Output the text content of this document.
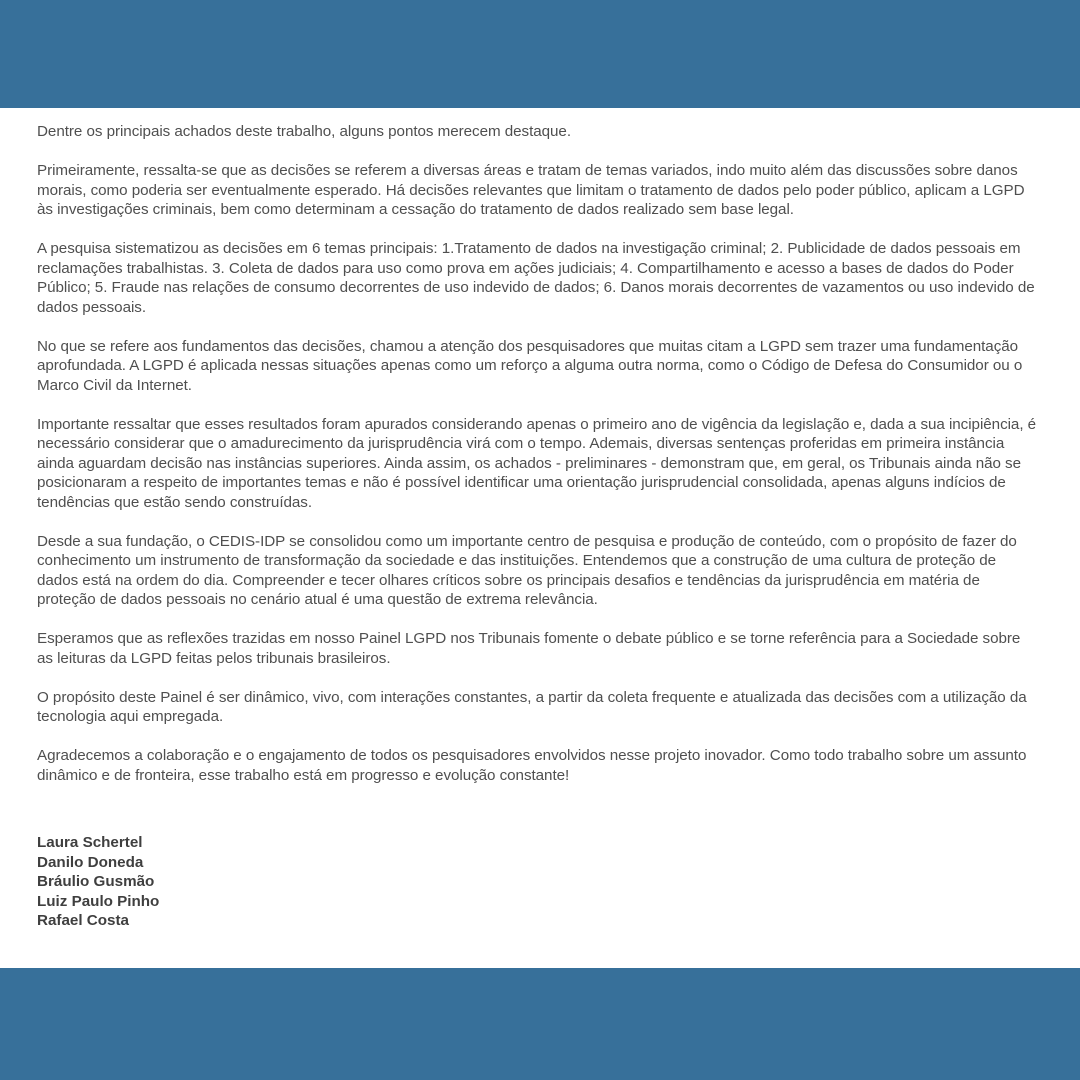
Dentre os principais achados deste trabalho, alguns pontos merecem destaque.

Primeiramente, ressalta-se que as decisões se referem a diversas áreas e tratam de temas variados, indo muito além das discussões sobre danos morais, como poderia ser eventualmente esperado. Há decisões relevantes que limitam o tratamento de dados pelo poder público, aplicam a LGPD às investigações criminais, bem como determinam a cessação do tratamento de dados realizado sem base legal.

A pesquisa sistematizou as decisões em 6 temas principais: 1.Tratamento de dados na investigação criminal; 2. Publicidade de dados pessoais em reclamações trabalhistas. 3. Coleta de dados para uso como prova em ações judiciais; 4. Compartilhamento e acesso a bases de dados do Poder Público; 5. Fraude nas relações de consumo decorrentes de uso indevido de dados; 6. Danos morais decorrentes de vazamentos ou uso indevido de dados pessoais.

No que se refere aos fundamentos das decisões, chamou a atenção dos pesquisadores que muitas citam a LGPD sem trazer uma fundamentação aprofundada. A LGPD é aplicada nessas situações apenas como um reforço a alguma outra norma, como o Código de Defesa do Consumidor ou o Marco Civil da Internet.

Importante ressaltar que esses resultados foram apurados considerando apenas o primeiro ano de vigência da legislação e, dada a sua incipiência, é necessário considerar que o amadurecimento da jurisprudência virá com o tempo. Ademais, diversas sentenças proferidas em primeira instância ainda aguardam decisão nas instâncias superiores. Ainda assim, os achados - preliminares - demonstram que, em geral, os Tribunais ainda não se posicionaram a respeito de importantes temas e não é possível identificar uma orientação jurisprudencial consolidada, apenas alguns indícios de tendências que estão sendo construídas.

Desde a sua fundação, o CEDIS-IDP se consolidou como um importante centro de pesquisa e produção de conteúdo, com o propósito de fazer do conhecimento um instrumento de transformação da sociedade e das instituições. Entendemos que a construção de uma cultura de proteção de dados está na ordem do dia. Compreender e tecer olhares críticos sobre os principais desafios e tendências da jurisprudência em matéria de proteção de dados pessoais no cenário atual é uma questão de extrema relevância.

Esperamos que as reflexões trazidas em nosso Painel LGPD nos Tribunais fomente o debate público e se torne referência para a Sociedade sobre as leituras da LGPD feitas pelos tribunais brasileiros.

O propósito deste Painel é ser dinâmico, vivo, com interações constantes, a partir da coleta frequente e atualizada das decisões com a utilização da tecnologia aqui empregada.

Agradecemos a colaboração e o engajamento de todos os pesquisadores envolvidos nesse projeto inovador. Como todo trabalho sobre um assunto dinâmico e de fronteira, esse trabalho está em progresso e evolução constante!

Laura Schertel
Danilo Doneda
Bráulio Gusmão
Luiz Paulo Pinho
Rafael Costa
